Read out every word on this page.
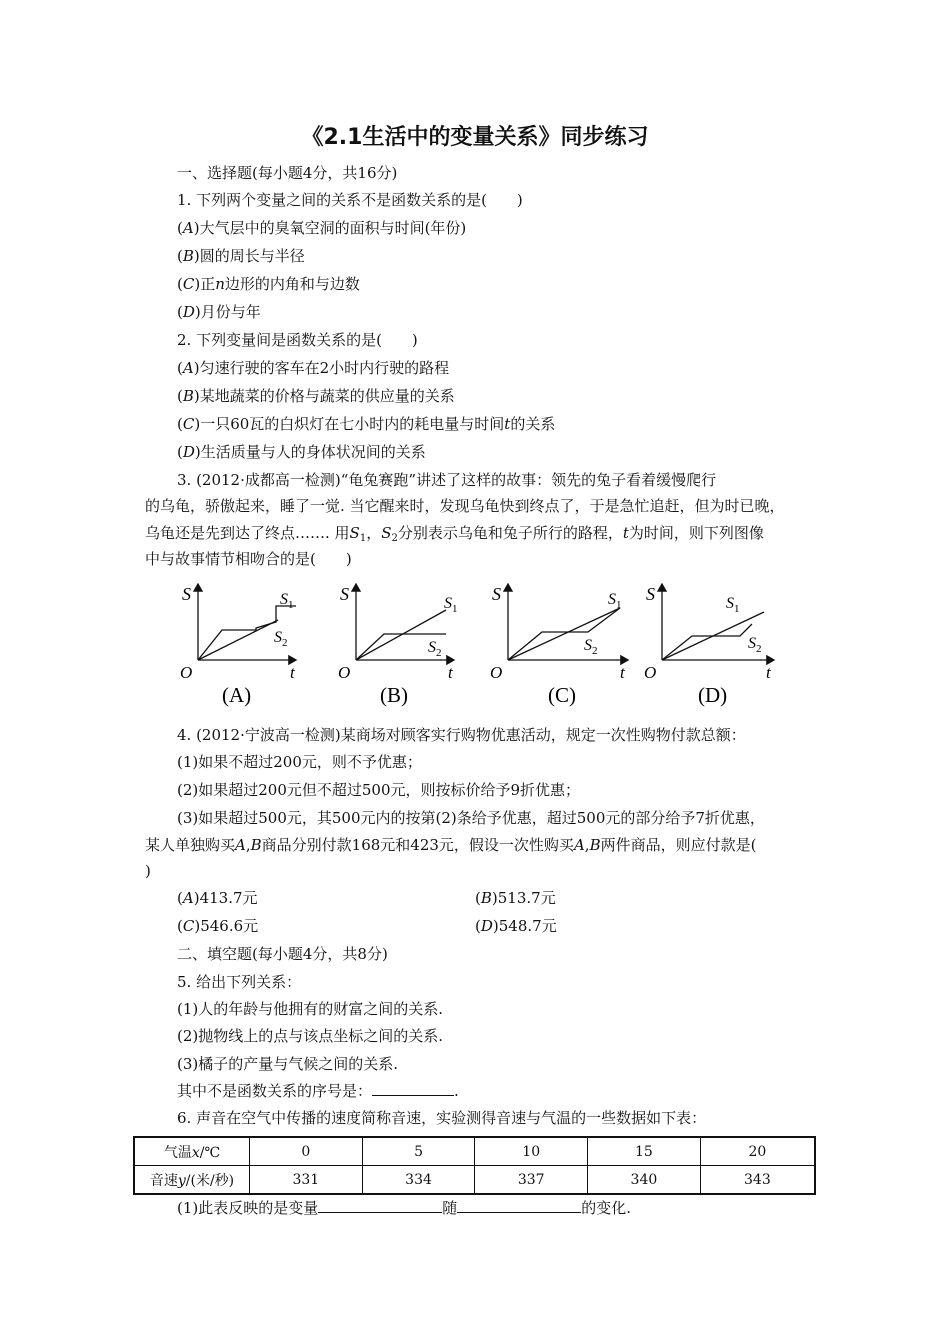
《2.1生活中的变量关系》同步练习
一、选择题(每小题4分，共16分)
1. 下列两个变量之间的关系不是函数关系的是(　　)
(A)大气层中的臭氧空洞的面积与时间(年份)
(B)圆的周长与半径
(C)正n边形的内角和与边数
(D)月份与年
2. 下列变量间是函数关系的是(　　)
(A)匀速行驶的客车在2小时内行驶的路程
(B)某地蔬菜的价格与蔬菜的供应量的关系
(C)一只60瓦的白炽灯在七小时内的耗电量与时间t的关系
(D)生活质量与人的身体状况间的关系
3. (2012·成都高一检测)“龟兔赛跑”讲述了这样的故事：领先的兔子看着缓慢爬行
的乌龟，骄傲起来，睡了一觉. 当它醒来时，发现乌龟快到终点了，于是急忙追赶，但为时已晚，
乌龟还是先到达了终点……. 用$S_1$，$S_2$分别表示乌龟和兔子所行的路程，t为时间，则下列图像
中与故事情节相吻合的是(　　)
S
t
O
$S_1$
$S_2$
(A)
S
t
O
$S_1$
$S_2$
(B)
S
t
O
$S_1$
$S_2$
(C)
S
t
O
$S_1$
$S_2$
(D)
4. (2012·宁波高一检测)某商场对顾客实行购物优惠活动，规定一次性购物付款总额：
(1)如果不超过200元，则不予优惠；
(2)如果超过200元但不超过500元，则按标价给予9折优惠；
(3)如果超过500元，其500元内的按第(2)条给予优惠，超过500元的部分给予7折优惠，
某人单独购买A,B商品分别付款168元和423元，假设一次性购买A,B两件商品，则应付款是(
)
(A)413.7元	(B)513.7元
(C)546.6元	(D)548.7元
二、填空题(每小题4分，共8分)
5. 给出下列关系：
(1)人的年龄与他拥有的财富之间的关系.
(2)抛物线上的点与该点坐标之间的关系.
(3)橘子的产量与气候之间的关系.
其中不是函数关系的序号是：	.
6. 声音在空气中传播的速度简称音速，实验测得音速与气温的一些数据如下表：
气温x/℃	0	5	10	15	20
音速y/(米/秒)	331	334	337	340	343
(1)此表反映的是变量	随	的变化.
